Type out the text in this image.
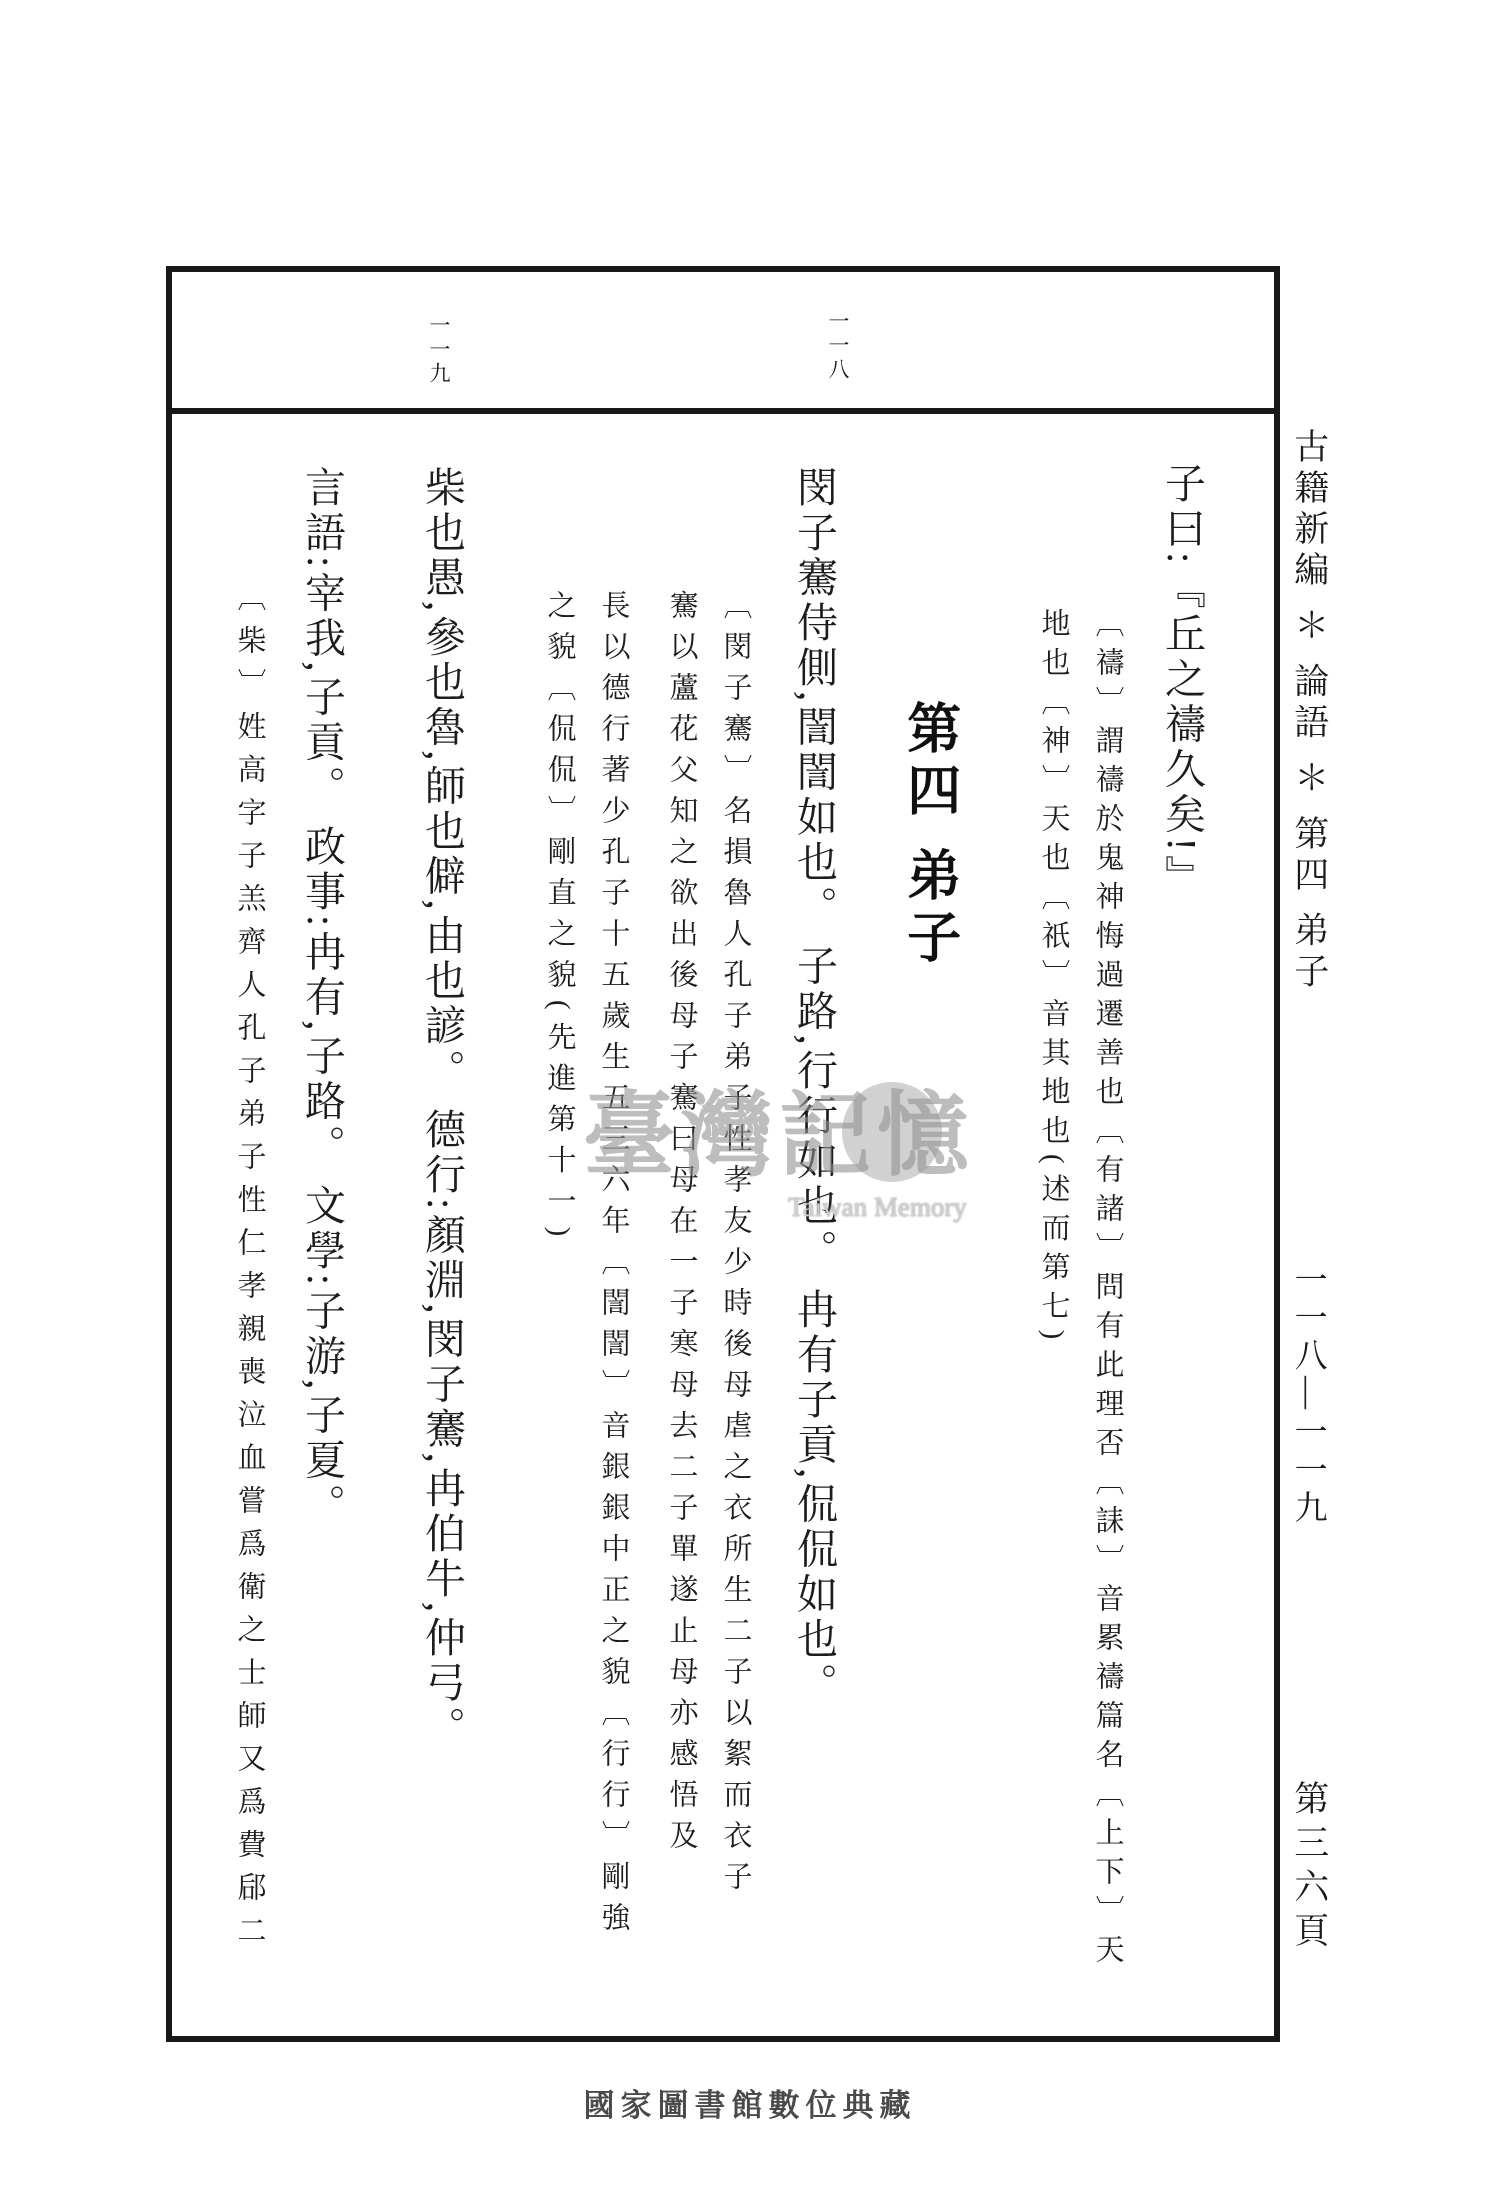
一一九	一一八
子曰:『丘之禱久矣!』
〔禱〕謂禱於鬼神悔過遷善也〔有諸〕問有此理否〔誄〕音累禱篇名〔上下〕天
地也〔神〕天也〔祇〕音其地也(述而第七)
第四 弟子
閔子騫侍側,誾誾如也。 子路,行行如也。 冉有子貢,侃侃如也。
〔閔子騫〕名損魯人孔子弟子性孝友少時後母虐之衣所生二子以絮而衣子
騫以蘆花父知之欲出後母子騫曰母在一子寒母去二子單遂止母亦感悟及
長以德行著少孔子十五歲生五三六年〔誾誾〕音銀銀中正之貌〔行行〕剛強
之貌〔侃侃〕剛直之貌(先進第十一)
柴也愚,參也魯,師也僻,由也諺。 德行:顏淵,閔子騫,冉伯牛,仲弓。
言語:宰我,子貢。 政事:冉有,子路。 文學:子游,子夏。
〔柴〕姓高字子羔齊人孔子弟子性仁孝親喪泣血嘗爲衛之士師又爲費郈二	古籍新編 ＊ 論語 ＊ 第四 弟子
一一八—一一九
第三六頁
臺灣記憶
Taiwan Memory
國家圖書館數位典藏
